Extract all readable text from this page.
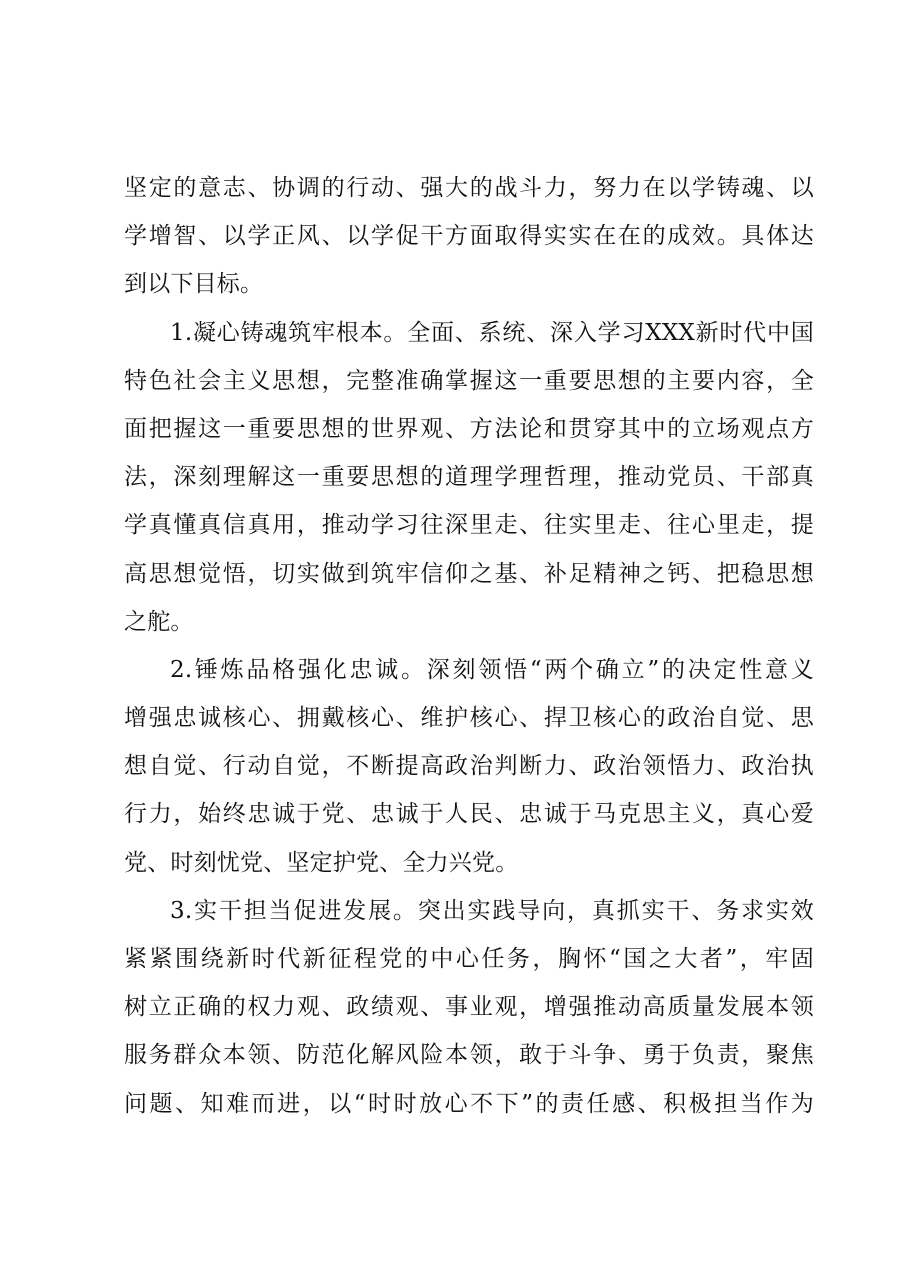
坚定的意志、协调的行动、强大的战斗力，努力在以学铸魂、以
学增智、以学正风、以学促干方面取得实实在在的成效。具体达
到以下目标。
1.凝心铸魂筑牢根本。全面、系统、深入学习XXX新时代中国
特色社会主义思想，完整准确掌握这一重要思想的主要内容，全
面把握这一重要思想的世界观、方法论和贯穿其中的立场观点方
法，深刻理解这一重要思想的道理学理哲理，推动党员、干部真
学真懂真信真用，推动学习往深里走、往实里走、往心里走，提
高思想觉悟，切实做到筑牢信仰之基、补足精神之钙、把稳思想
之舵。
2.锤炼品格强化忠诚。深刻领悟“两个确立”的决定性意义
增强忠诚核心、拥戴核心、维护核心、捍卫核心的政治自觉、思
想自觉、行动自觉，不断提高政治判断力、政治领悟力、政治执
行力，始终忠诚于党、忠诚于人民、忠诚于马克思主义，真心爱
党、时刻忧党、坚定护党、全力兴党。
3.实干担当促进发展。突出实践导向，真抓实干、务求实效
紧紧围绕新时代新征程党的中心任务，胸怀“国之大者”，牢固
树立正确的权力观、政绩观、事业观，增强推动高质量发展本领
服务群众本领、防范化解风险本领，敢于斗争、勇于负责，聚焦
问题、知难而进，以“时时放心不下”的责任感、积极担当作为
